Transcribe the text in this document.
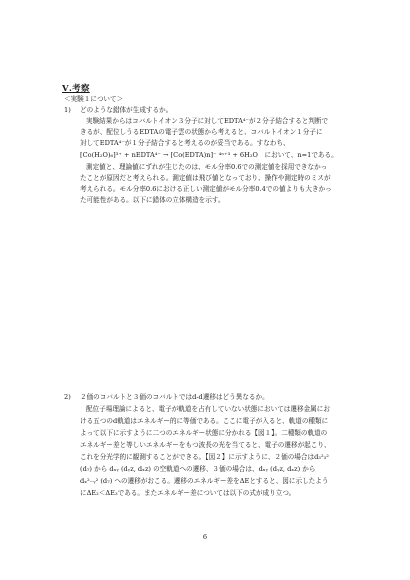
Ⅴ.考察
＜実験１について＞
1) どのような錯体が生成するか。
実験結果からはコバルトイオン３分子に対してEDTA⁴⁻が２分子結合すると判断で
きるが、配位しうるEDTAの電子雲の状態から考えると、コバルトイオン１分子に
対してEDTA⁴⁻が１分子結合すると考えるのが妥当である。すなわち、
[Co(H₂O)₆]³⁺ + nEDTA⁴⁻ → [Co(EDTA)n]⁻ ⁴ⁿ⁺³ + 6H₂O　において、n=1である。
測定値と、理論値にずれが生じたのは、モル分率0.6での測定値を採用できなかっ
たことが原因だと考えられる。測定値は飛び値となっており、操作や測定時のミスが
考えられる。モル分率0.6における正しい測定値がモル分率0.4での値よりも大きかっ
た可能性がある。以下に錯体の立体構造を示す。
2) ２価のコバルトと３価のコバルトではd-d遷移はどう異なるか。
配位子場理論によると、電子が軌道を占有していない状態においては遷移金属にお
ける五つのd軌道はエネルギー的に等価である。ここに電子が入ると、軌道の種類に
よって以下に示すように二つのエネルギー状態に分かれる【図１】。二種類の軌道の
エネルギー差と等しいエネルギーをもつ波長の光を当てると、電子の遷移が起こり、
これを分光学的に観測することができる。【図２】に示すように、２価の場合はd₃²₃²
(d₇) から dₓᵧ (dᵧz, dₓz) の空軌道への遷移、３価の場合は、dₓᵧ (dᵧz, dₓz) から
dₓ²₋ᵧ² (d₇) への遷移がおこる。遷移のエネルギー差をΔEとすると、図に示したよう
にΔE₂＜ΔE₃である。またエネルギー差については以下の式が成り立つ。
6
